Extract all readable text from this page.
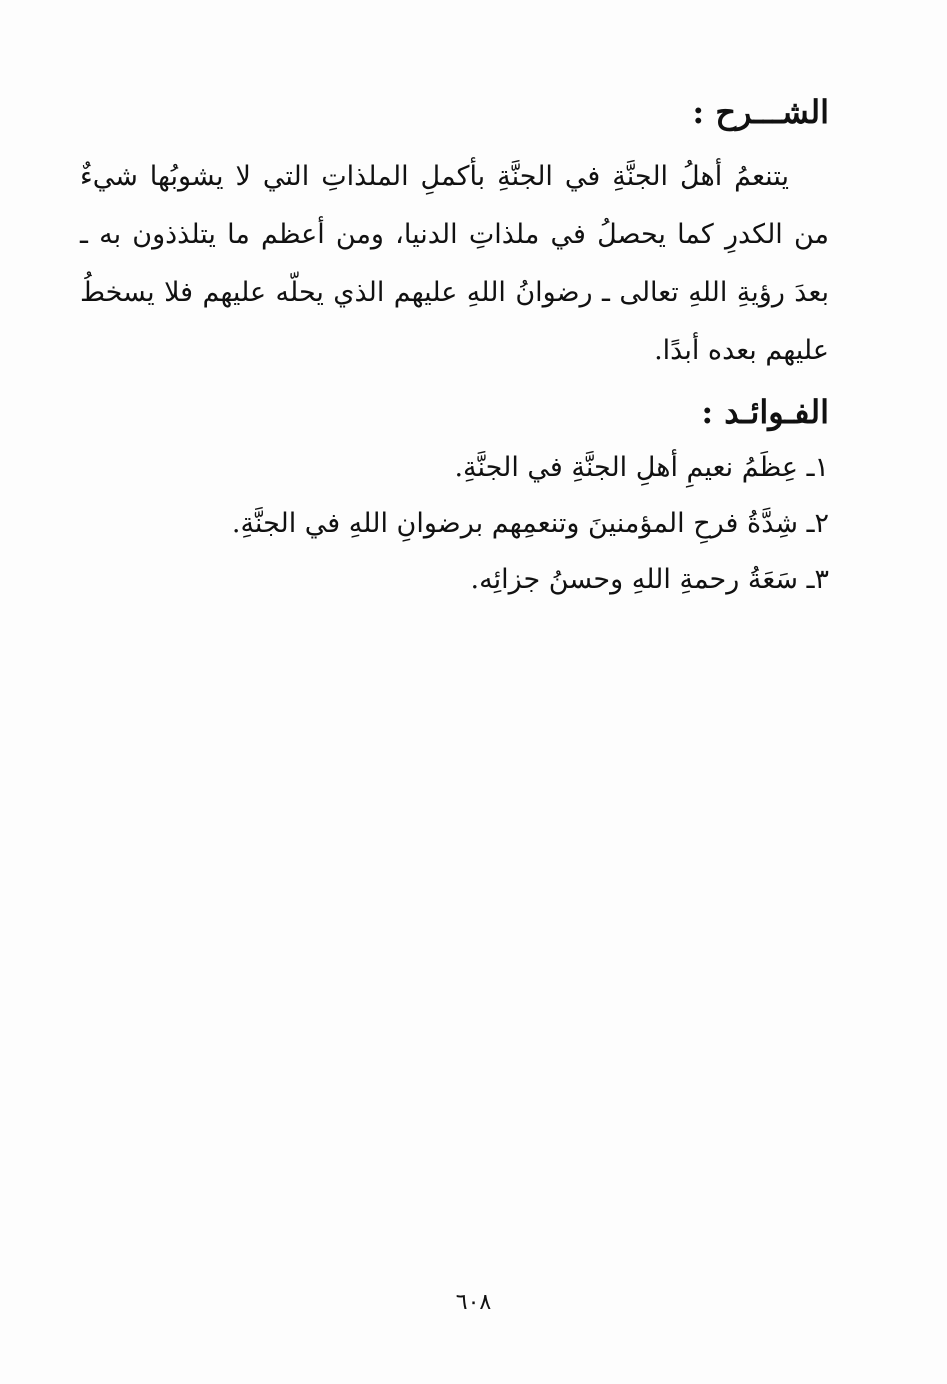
الشـــرح :

يتنعمُ أهلُ الجنَّةِ في الجنَّةِ بأكملِ الملذاتِ التي لا يشوبُها شيءٌ من الكدرِ كما يحصلُ في ملذاتِ الدنيا، ومن أعظم ما يتلذذون به ـ بعدَ رؤيةِ اللهِ تعالى ـ رضوانُ اللهِ عليهم الذي يحلّه عليهم فلا يسخطُ عليهم بعده أبدًا.

الفـوائـد :
١ـ عِظَمُ نعيمِ أهلِ الجنَّةِ في الجنَّةِ.
٢ـ شِدَّةُ فرحِ المؤمنينَ وتنعمِهم برضوانِ اللهِ في الجنَّةِ.
٣ـ سَعَةُ رحمةِ اللهِ وحسنُ جزائِه.
٦٠٨
